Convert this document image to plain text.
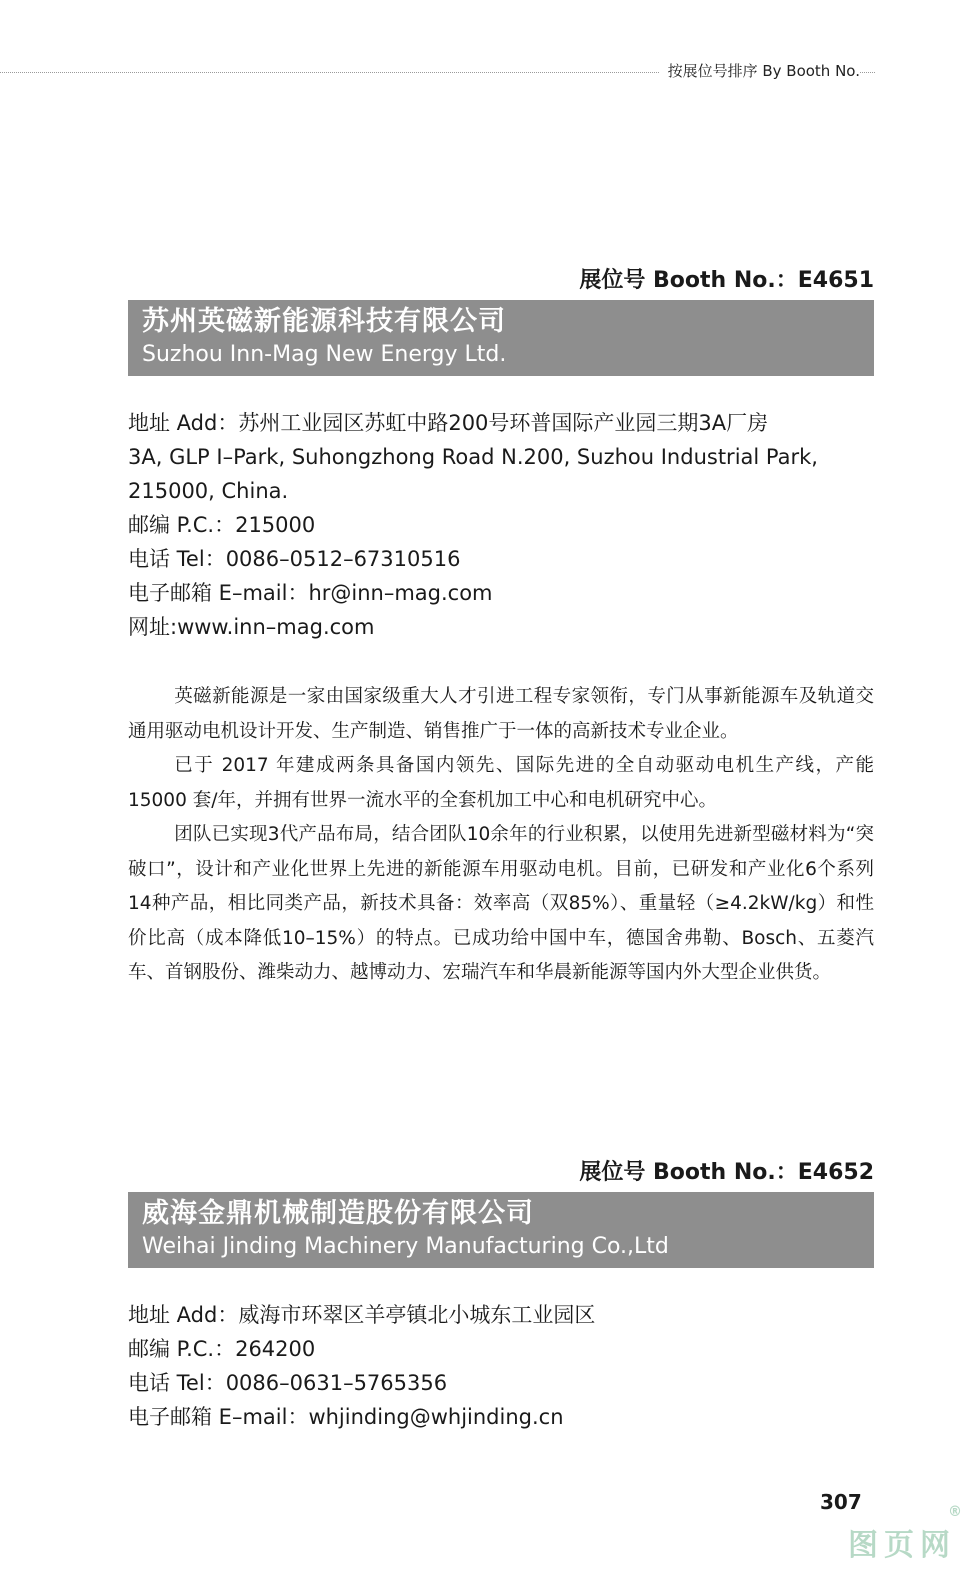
按展位号排序 By Booth No.
展位号 Booth No.：E4651
苏州英磁新能源科技有限公司
Suzhou Inn-Mag New Energy Ltd.
地址 Add：苏州工业园区苏虹中路200号环普国际产业园三期3A厂房
3A, GLP I–Park, Suhongzhong Road N.200, Suzhou Industrial Park, 215000, China.
邮编 P.C.：215000
电话 Tel：0086–0512–67310516
电子邮箱 E–mail：hr@inn–mag.com
网址:www.inn–mag.com

英磁新能源是一家由国家级重大人才引进工程专家领衔，专门从事新能源车及轨道交通用驱动电机设计开发、生产制造、销售推广于一体的高新技术专业企业。

已于 2017 年建成两条具备国内领先、国际先进的全自动驱动电机生产线，产能 15000 套/年，并拥有世界一流水平的全套机加工中心和电机研究中心。

团队已实现3代产品布局，结合团队10余年的行业积累，以使用先进新型磁材料为“突破口”，设计和产业化世界上先进的新能源车用驱动电机。目前，已研发和产业化6个系列14种产品，相比同类产品，新技术具备：效率高（双85%）、重量轻（≥4.2kW/kg）和性价比高（成本降低10–15%）的特点。已成功给中国中车，德国舍弗勒、Bosch、五菱汽车、首钢股份、潍柴动力、越博动力、宏瑞汽车和华晨新能源等国内外大型企业供货。

展位号 Booth No.：E4652
威海金鼎机械制造股份有限公司
Weihai Jinding Machinery Manufacturing Co.,Ltd
地址 Add：威海市环翠区羊亭镇北小城东工业园区
邮编 P.C.：264200
电话 Tel：0086–0631–5765356
电子邮箱 E–mail：whjinding@whjinding.cn
307
图页网
®
